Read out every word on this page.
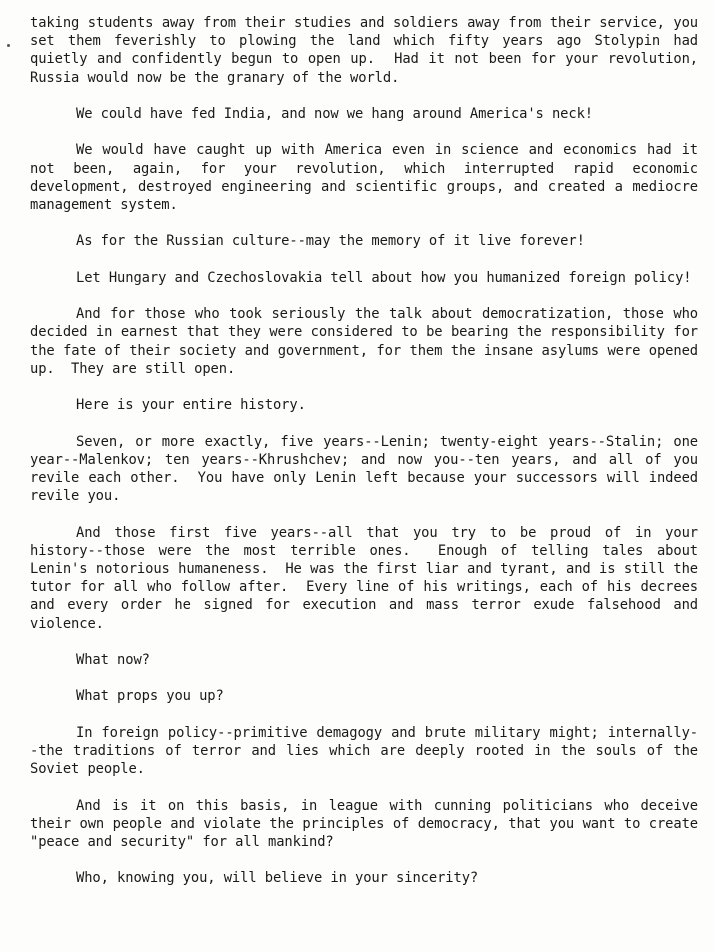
taking students away from their studies and soldiers away from their service, you set them feverishly to plowing the land which fifty years ago Stolypin had quietly and confidently begun to open up.  Had it not been for your revolution, Russia would now be the granary of the world.

We could have fed India, and now we hang around America's neck!

We would have caught up with America even in science and economics had it not been, again, for your revolution, which interrupted rapid economic development, destroyed engineering and scientific groups, and created a mediocre management system.

As for the Russian culture--may the memory of it live forever!

Let Hungary and Czechoslovakia tell about how you humanized foreign policy!

And for those who took seriously the talk about democratization, those who decided in earnest that they were considered to be bearing the responsibility for the fate of their society and government, for them the insane asylums were opened up.  They are still open.

Here is your entire history.

Seven, or more exactly, five years--Lenin; twenty-eight years--Stalin; one year--Malenkov; ten years--Khrushchev; and now you--ten years, and all of you revile each other.  You have only Lenin left because your successors will indeed revile you.

And those first five years--all that you try to be proud of in your history--those were the most terrible ones.  Enough of telling tales about Lenin's notorious humaneness.  He was the first liar and tyrant, and is still the tutor for all who follow after.  Every line of his writings, each of his decrees and every order he signed for execution and mass terror exude falsehood and violence.

What now?

What props you up?

In foreign policy--primitive demagogy and brute military might; internally--the traditions of terror and lies which are deeply rooted in the souls of the Soviet people.

And is it on this basis, in league with cunning politicians who deceive their own people and violate the principles of democracy, that you want to create "peace and security" for all mankind?

Who, knowing you, will believe in your sincerity?
